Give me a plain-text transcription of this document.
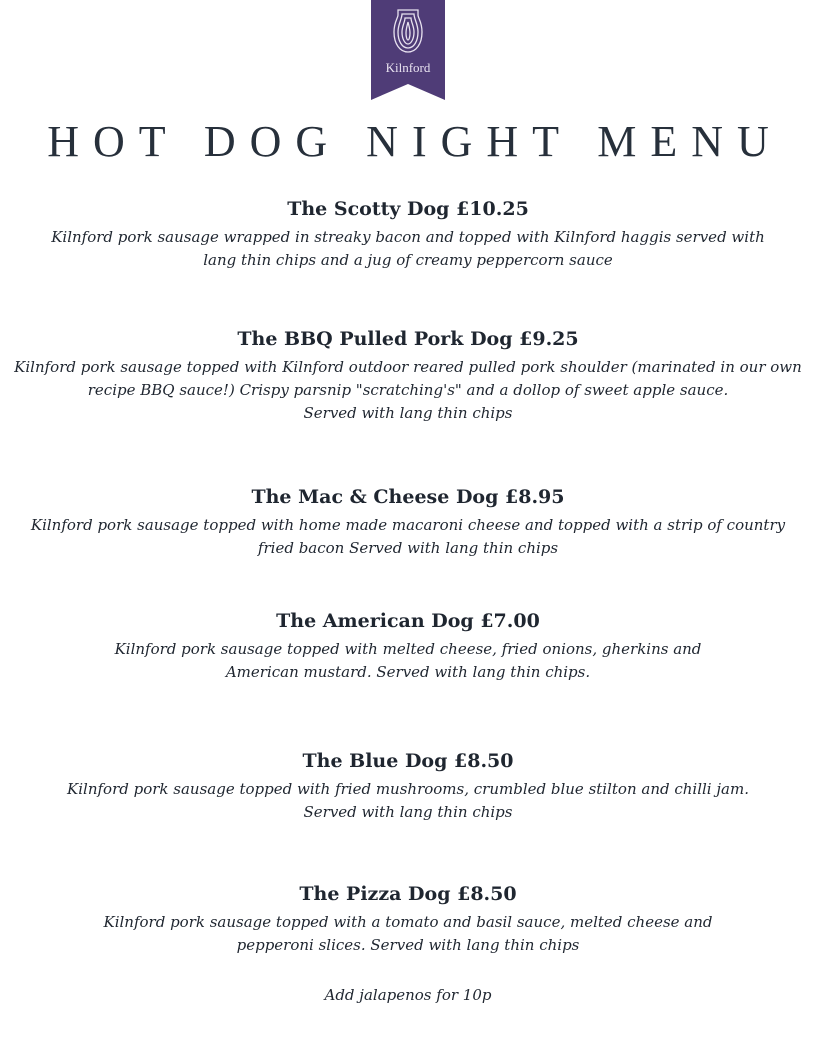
Kilnford
HOT DOG NIGHT MENU
The Scotty Dog £10.25
Kilnford pork sausage wrapped in streaky bacon and topped with Kilnford haggis served with lang thin chips and a jug of creamy peppercorn sauce
The BBQ Pulled Pork Dog £9.25
Kilnford pork sausage topped with Kilnford outdoor reared pulled pork shoulder (marinated in our own
recipe BBQ sauce!) Crispy parsnip "scratching's" and a dollop of sweet apple sauce.
Served with lang thin chips
The Mac & Cheese Dog £8.95
Kilnford pork sausage topped with home made macaroni cheese and topped with a strip of country fried bacon Served with lang thin chips
The American Dog £7.00
Kilnford pork sausage topped with melted cheese, fried onions, gherkins and American mustard. Served with lang thin chips.
The Blue Dog £8.50
Kilnford pork sausage topped with fried mushrooms, crumbled blue stilton and chilli jam.
Served with lang thin chips
The Pizza Dog £8.50
Kilnford pork sausage topped with a tomato and basil sauce, melted cheese and pepperoni slices. Served with lang thin chips
Add jalapenos for 10p
